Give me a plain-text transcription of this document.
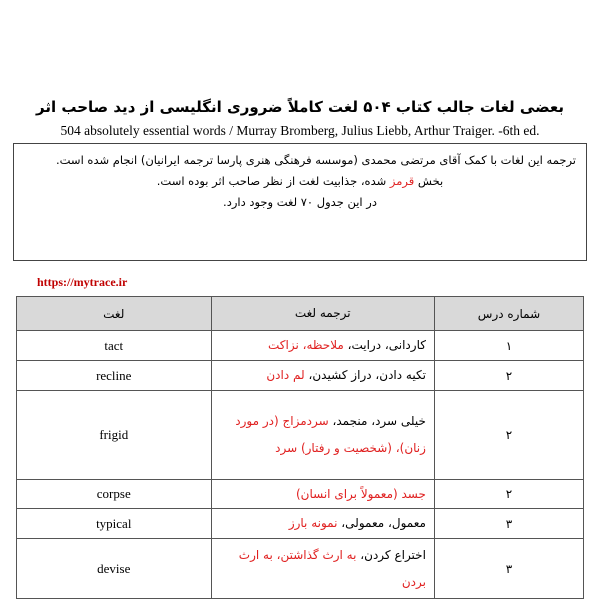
بعضی لغات جالب کتاب ۵۰۴ لغت کاملاً ضروری انگلیسی از دید صاحب اثر
504 absolutely essential words / Murray Bromberg, Julius Liebb, Arthur Traiger. -6th ed.
ترجمه این لغات با کمک آقای مرتضی محمدی (موسسه فرهنگی هنری پارسا ترجمه ایرانیان) انجام شده است.
بخش قرمز شده، جذابیت لغت از نظر صاحب اثر بوده است.
در این جدول ۷۰ لغت وجود دارد.
https://mytrace.ir
شماره درس	ترجمه لغت	لغت
۱	کاردانی، درایت، ملاحظه، نزاکت	tact
۲	تکیه دادن، دراز کشیدن، لم دادن	recline
۲	خیلی سرد، منجمد، سردمزاج (در مورد زنان)، (شخصیت و رفتار) سرد	frigid
۲	جسد (معمولاً برای انسان)	corpse
۳	معمول، معمولی، نمونه بارز	typical
۳	اختراع کردن، به ارث گذاشتن، به ارث بردن	devise
